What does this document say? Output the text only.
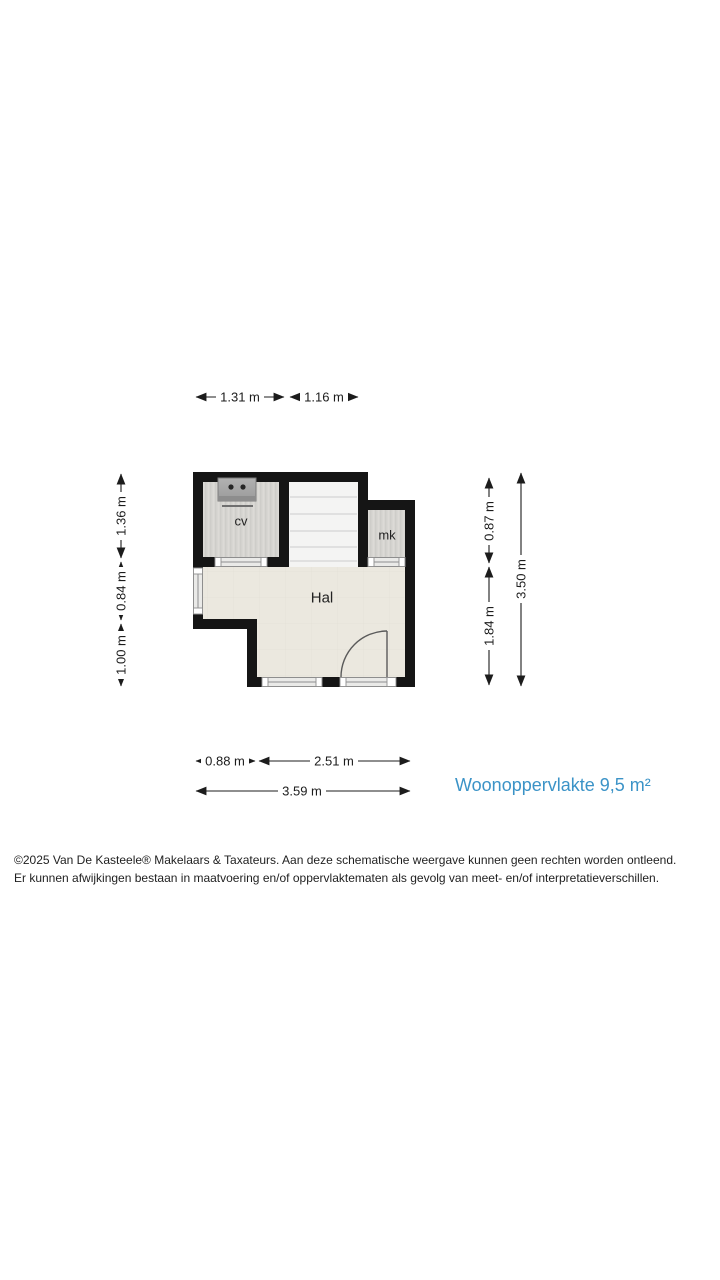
cv
mk
Hal
1.31 m	1.16 m
1.36 m
0.84 m
1.00 m
0.87 m
1.84 m
3.50 m
0.88 m	2.51 m
3.59 m	Woonoppervlakte 9,5 m²
©2025 Van De Kasteele® Makelaars & Taxateurs. Aan deze schematische weergave kunnen geen rechten worden ontleend.
Er kunnen afwijkingen bestaan in maatvoering en/of oppervlaktematen als gevolg van meet- en/of interpretatieverschillen.
